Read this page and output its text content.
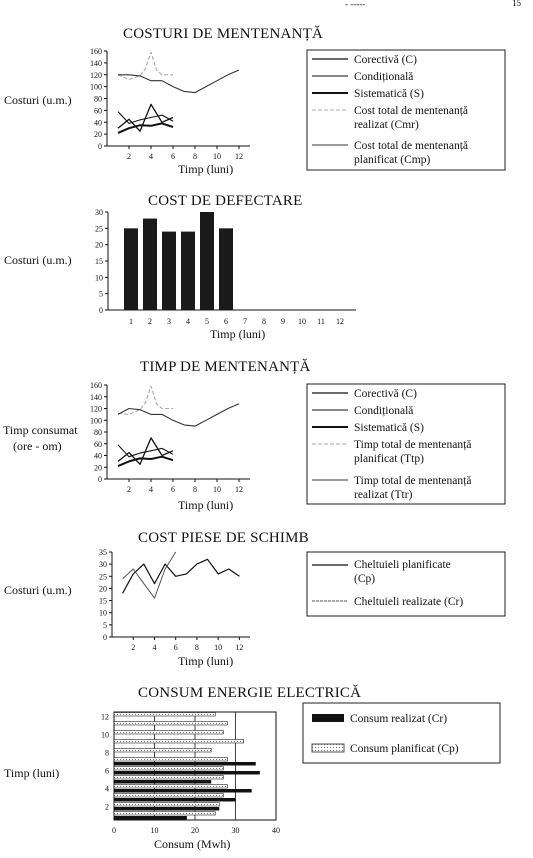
- -----	15
COSTURI DE MENTENANȚĂ
Costuri (u.m.)
Timp (luni)
0
20
40
60
80
100
120
140
160
2 4 6 8 10 12
Corectivă (C)
Condițională
Sistematică (S)
Cost total de mentenanță realizat (Cmr)
Cost total de mentenanță planificat (Cmp)
COST DE DEFECTARE
Costuri (u.m.)
Timp (luni)
0
5
10
15
20
25
30
1 2 3 4 5 6 7 8 9 10 11 12
TIMP DE MENTENANȚĂ
Timp consumat
(ore - om)
Timp (luni)
0
20
40
60
80
100
120
140
160
2 4 6 8 10 12
Corectivă (C)
Condițională
Sistematică (S)
Timp total de mentenanță planificat (Ttp)
Timp total de mentenanță realizat (Ttr)
COST PIESE DE SCHIMB
Costuri (u.m.)
Timp (luni)
0
5
10
15
20
25
30
35
2 4 6 8 10 12
Cheltuieli planificate (Cp)
Cheltuieli realizate (Cr)
CONSUM ENERGIE ELECTRICĂ
Timp (luni)
Consum (Mwh)
0	10	20	30	40
2
4
6
8
10
12	Consum realizat (Cr)
Consum planificat (Cp)
